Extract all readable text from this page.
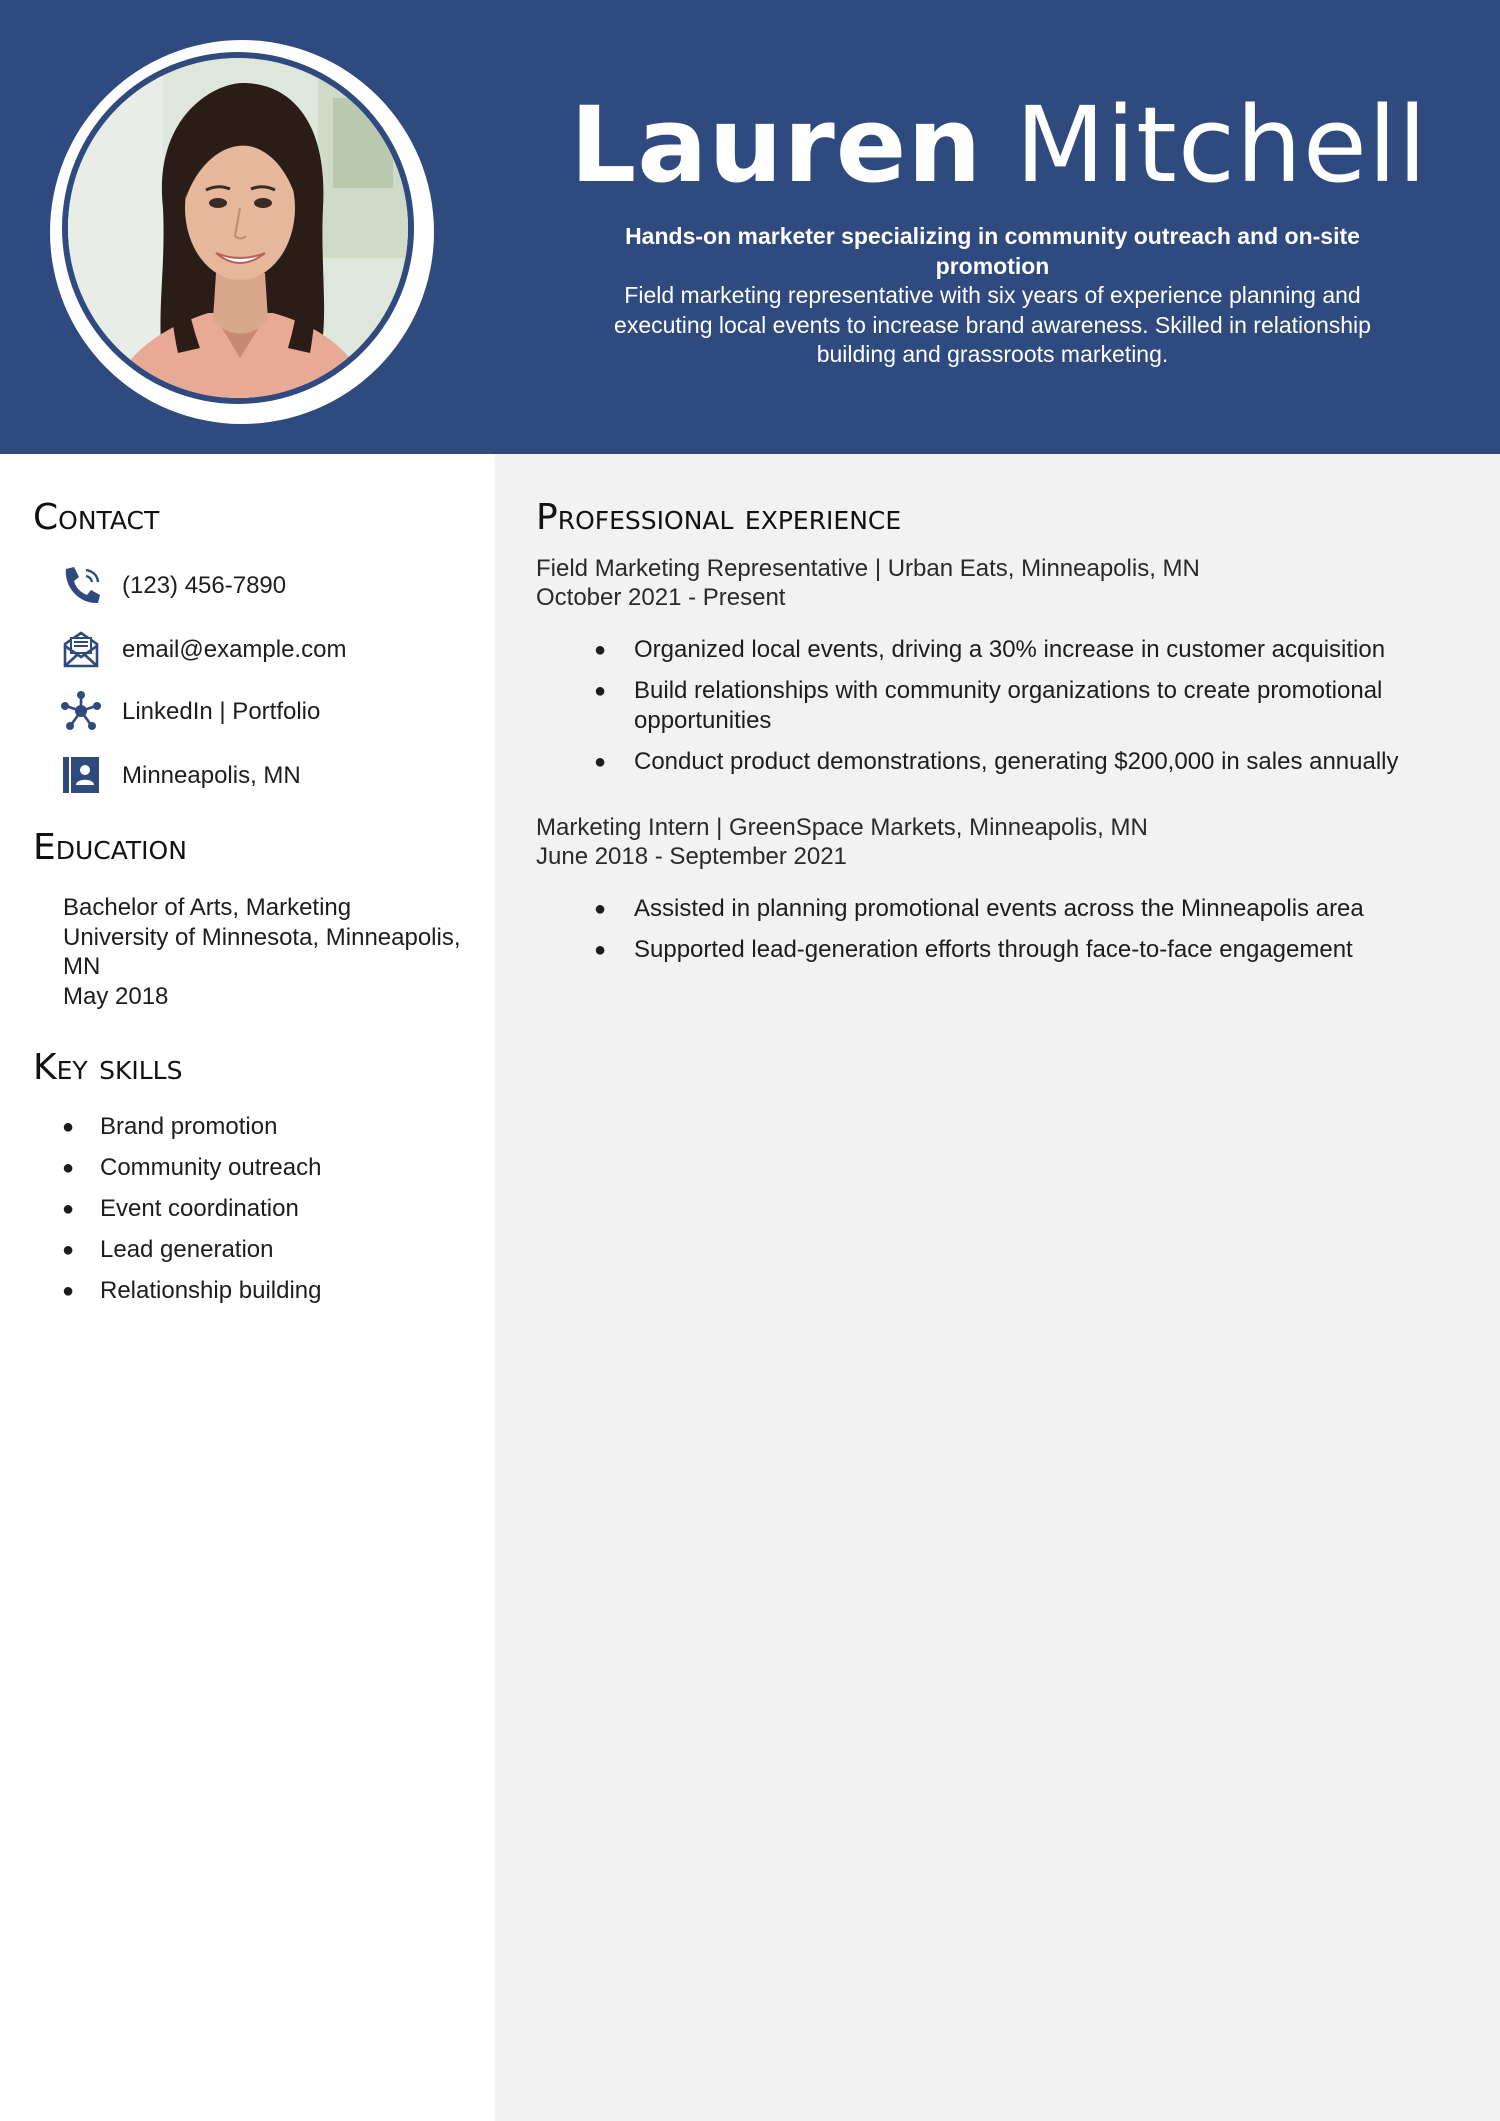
Lauren Mitchell
Hands-on marketer specializing in community outreach and on-site promotion
Field marketing representative with six years of experience planning and executing local events to increase brand awareness. Skilled in relationship building and grassroots marketing.
Contact
(123) 456-7890
email@example.com
LinkedIn | Portfolio
Minneapolis, MN
Education
Bachelor of Arts, Marketing
University of Minnesota, Minneapolis, MN
May 2018
Key skills
● Brand promotion
● Community outreach
● Event coordination
● Lead generation
● Relationship building
Professional experience
Field Marketing Representative | Urban Eats, Minneapolis, MN
October 2021 - Present
● Organized local events, driving a 30% increase in customer acquisition
● Build relationships with community organizations to create promotional opportunities
● Conduct product demonstrations, generating $200,000 in sales annually
Marketing Intern | GreenSpace Markets, Minneapolis, MN
June 2018 - September 2021
● Assisted in planning promotional events across the Minneapolis area
● Supported lead-generation efforts through face-to-face engagement
